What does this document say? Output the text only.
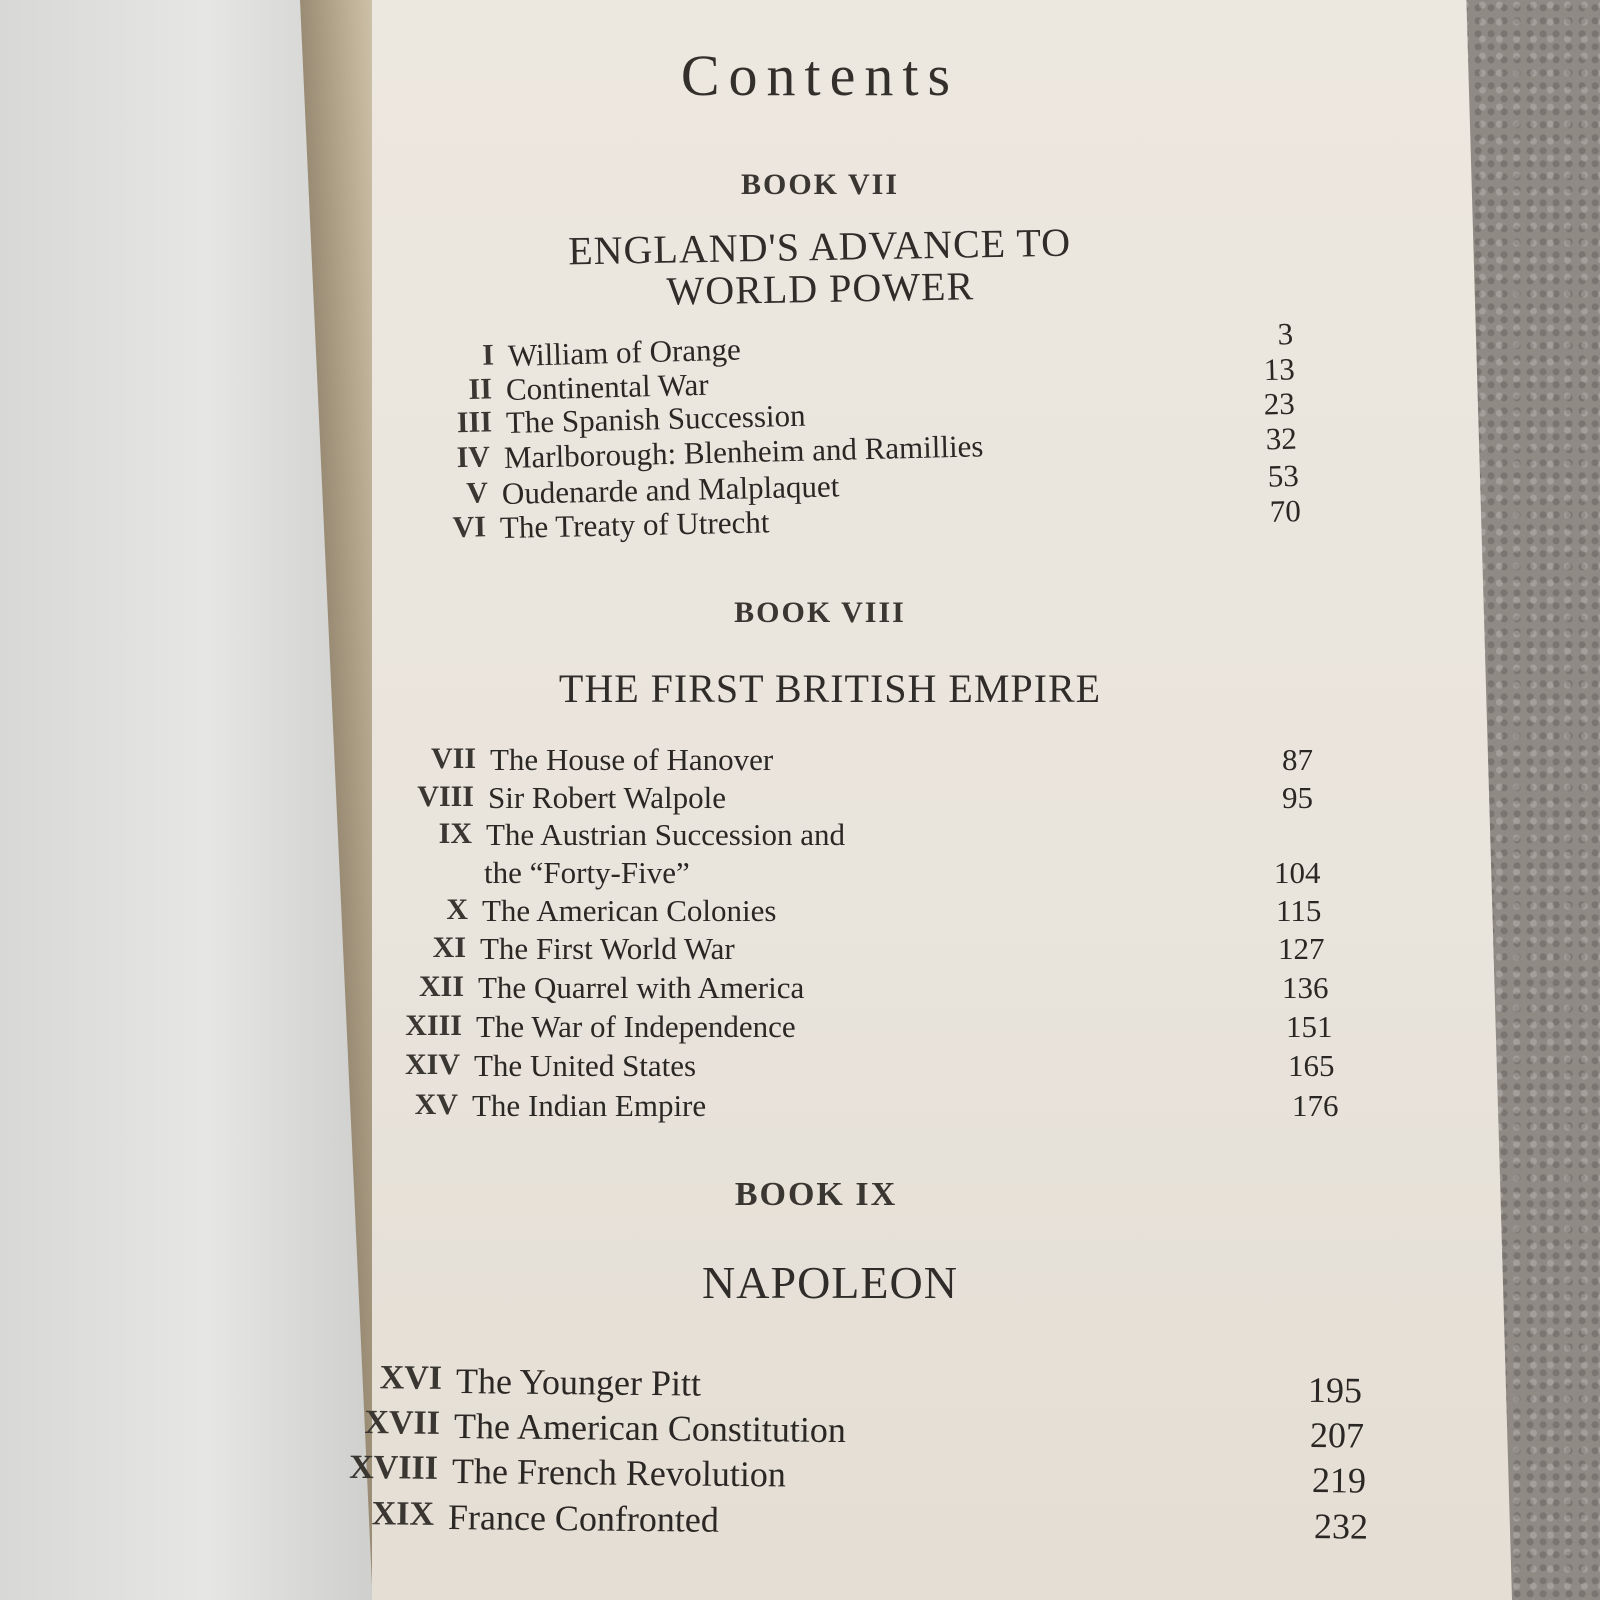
Contents
BOOK VII
ENGLAND'S ADVANCE TO
WORLD POWER
I William of Orange	3
II Continental War	13
III The Spanish Succession	23
IV Marlborough: Blenheim and Ramillies	32
V Oudenarde and Malplaquet	53
VI The Treaty of Utrecht	70
BOOK VIII
THE FIRST BRITISH EMPIRE
VII The House of Hanover	87
VIII Sir Robert Walpole	95
IX The Austrian Succession and
the “Forty-Five”	104
X The American Colonies	115
XI The First World War	127
XII The Quarrel with America	136
XIII The War of Independence	151
XIV The United States	165
XV The Indian Empire	176
BOOK IX
NAPOLEON
XVI The Younger Pitt	195
XVII The American Constitution	207
XVIII The French Revolution	219
XIX France Confronted	232
